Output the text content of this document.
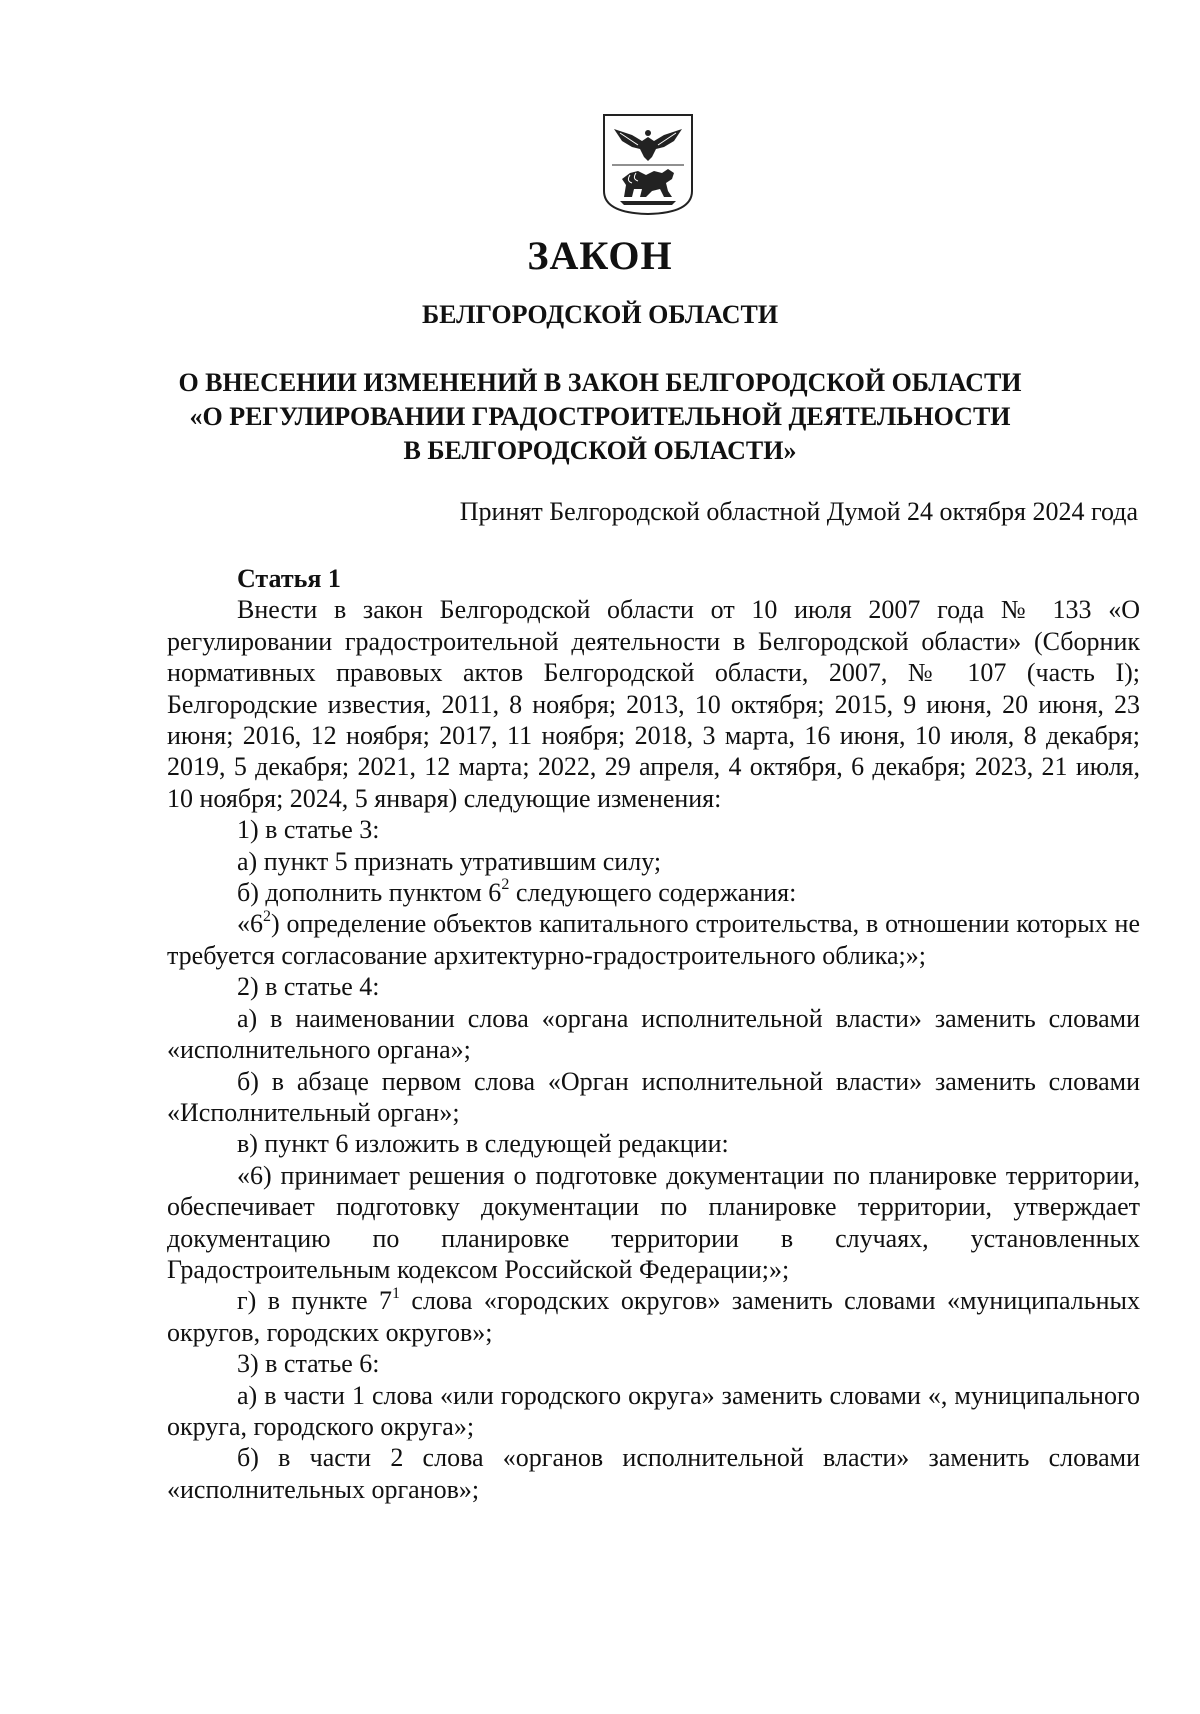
ЗАКОН
БЕЛГОРОДСКОЙ ОБЛАСТИ
О ВНЕСЕНИИ ИЗМЕНЕНИЙ В ЗАКОН БЕЛГОРОДСКОЙ ОБЛАСТИ
«О РЕГУЛИРОВАНИИ ГРАДОСТРОИТЕЛЬНОЙ ДЕЯТЕЛЬНОСТИ
В БЕЛГОРОДСКОЙ ОБЛАСТИ»
Принят Белгородской областной Думой 24 октября 2024 года
Статья 1
Внести в закон Белгородской области от 10 июля 2007 года № 133 «О регулировании градостроительной деятельности в Белгородской области» (Сборник нормативных правовых актов Белгородской области, 2007, № 107 (часть I); Белгородские известия, 2011, 8 ноября; 2013, 10 октября; 2015, 9 июня, 20 июня, 23 июня; 2016, 12 ноября; 2017, 11 ноября; 2018, 3 марта, 16 июня, 10 июля, 8 декабря; 2019, 5 декабря; 2021, 12 марта; 2022, 29 апреля, 4 октября, 6 декабря; 2023, 21 июля, 10 ноября; 2024, 5 января) следующие изменения:
1) в статье 3:
а) пункт 5 признать утратившим силу;
б) дополнить пунктом $6^2$ следующего содержания:
«$6^2$) определение объектов капитального строительства, в отношении которых не требуется согласование архитектурно-градостроительного облика;»;
2) в статье 4:
а) в наименовании слова «органа исполнительной власти» заменить словами «исполнительного органа»;
б) в абзаце первом слова «Орган исполнительной власти» заменить словами «Исполнительный орган»;
в) пункт 6 изложить в следующей редакции:
«6) принимает решения о подготовке документации по планировке территории, обеспечивает подготовку документации по планировке территории, утверждает документацию по планировке территории в случаях, установленных Градостроительным кодексом Российской Федерации;»;
г) в пункте $7^1$ слова «городских округов» заменить словами «муниципальных округов, городских округов»;
3) в статье 6:
а) в части 1 слова «или городского округа» заменить словами «, муниципального округа, городского округа»;
б) в части 2 слова «органов исполнительной власти» заменить словами «исполнительных органов»;
